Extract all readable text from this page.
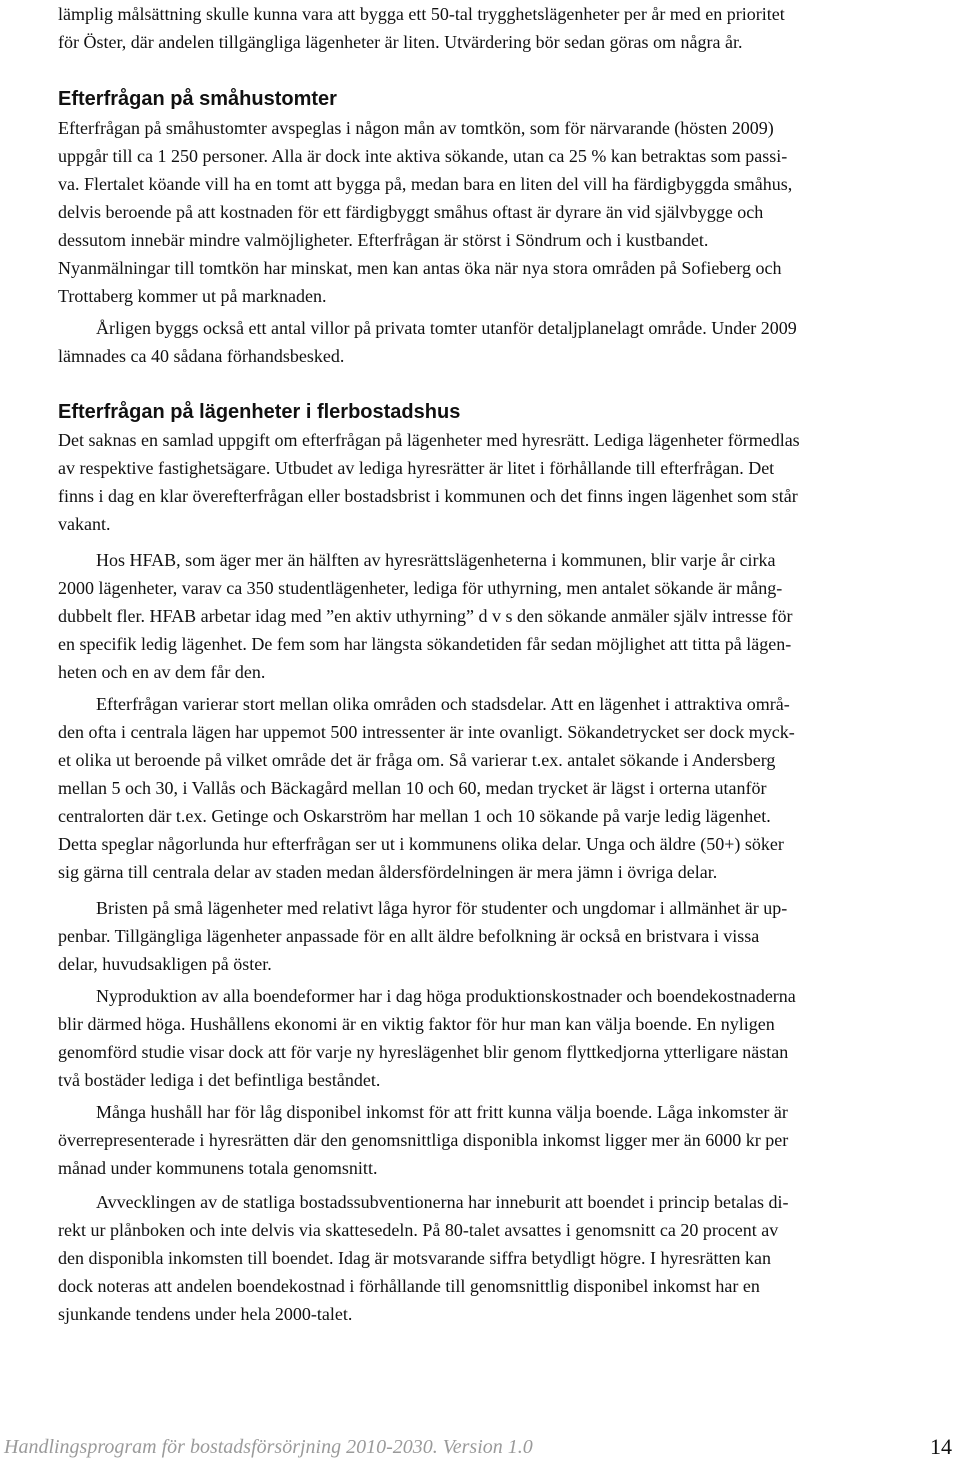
lämplig målsättning skulle kunna vara att bygga ett 50-tal trygghetslägenheter per år med en prioritet
för Öster, där andelen tillgängliga lägenheter är liten. Utvärdering bör sedan göras om några år.
Efterfrågan på småhustomter
Efterfrågan på småhustomter avspeglas i någon mån av tomtkön, som för närvarande (hösten 2009)
uppgår till ca 1 250 personer. Alla är dock inte aktiva sökande, utan ca 25 % kan betraktas som passi-
va. Flertalet köande vill ha en tomt att bygga på, medan bara en liten del vill ha färdigbyggda småhus,
delvis beroende på att kostnaden för ett färdigbyggt småhus oftast är dyrare än vid självbygge och
dessutom innebär mindre valmöjligheter. Efterfrågan är störst i Söndrum och i kustbandet.
Nyanmälningar till tomtkön har minskat, men kan antas öka när nya stora områden på Sofieberg och
Trottaberg kommer ut på marknaden.
Årligen byggs också ett antal villor på privata tomter utanför detaljplanelagt område. Under 2009
lämnades ca 40 sådana förhandsbesked.
Efterfrågan på lägenheter i flerbostadshus
Det saknas en samlad uppgift om efterfrågan på lägenheter med hyresrätt. Lediga lägenheter förmedlas
av respektive fastighetsägare. Utbudet av lediga hyresrätter är litet i förhållande till efterfrågan. Det
finns i dag en klar överefterfrågan eller bostadsbrist i kommunen och det finns ingen lägenhet som står
vakant.
Hos HFAB, som äger mer än hälften av hyresrättslägenheterna i kommunen, blir varje år cirka
2000 lägenheter, varav ca 350 studentlägenheter, lediga för uthyrning, men antalet sökande är mång-
dubbelt fler. HFAB arbetar idag med ”en aktiv uthyrning” d v s den sökande anmäler själv intresse för
en specifik ledig lägenhet. De fem som har längsta sökandetiden får sedan möjlighet att titta på lägen-
heten och en av dem får den.
Efterfrågan varierar stort mellan olika områden och stadsdelar. Att en lägenhet i attraktiva områ-
den ofta i centrala lägen har uppemot 500 intressenter är inte ovanligt. Sökandetrycket ser dock myck-
et olika ut beroende på vilket område det är fråga om. Så varierar t.ex. antalet sökande i Andersberg
mellan 5 och 30, i Vallås och Bäckagård mellan 10 och 60, medan trycket är lägst i orterna utanför
centralorten där t.ex. Getinge och Oskarström har mellan 1 och 10 sökande på varje ledig lägenhet.
Detta speglar någorlunda hur efterfrågan ser ut i kommunens olika delar. Unga och äldre (50+) söker
sig gärna till centrala delar av staden medan åldersfördelningen är mera jämn i övriga delar.
Bristen på små lägenheter med relativt låga hyror för studenter och ungdomar i allmänhet är up-
penbar. Tillgängliga lägenheter anpassade för en allt äldre befolkning är också en bristvara i vissa
delar, huvudsakligen på öster.
Nyproduktion av alla boendeformer har i dag höga produktionskostnader och boendekostnaderna
blir därmed höga. Hushållens ekonomi är en viktig faktor för hur man kan välja boende. En nyligen
genomförd studie visar dock att för varje ny hyreslägenhet blir genom flyttkedjorna ytterligare nästan
två bostäder lediga i det befintliga beståndet.
Många hushåll har för låg disponibel inkomst för att fritt kunna välja boende. Låga inkomster är
överrepresenterade i hyresrätten där den genomsnittliga disponibla inkomst ligger mer än 6000 kr per
månad under kommunens totala genomsnitt.
Avvecklingen av de statliga bostadssubventionerna har inneburit att boendet i princip betalas di-
rekt ur plånboken och inte delvis via skattesedeln. På 80-talet avsattes i genomsnitt ca 20 procent av
den disponibla inkomsten till boendet. Idag är motsvarande siffra betydligt högre. I hyresrätten kan
dock noteras att andelen boendekostnad i förhållande till genomsnittlig disponibel inkomst har en
sjunkande tendens under hela 2000-talet.
Handlingsprogram för bostadsförsörjning 2010-2030. Version 1.0	14
